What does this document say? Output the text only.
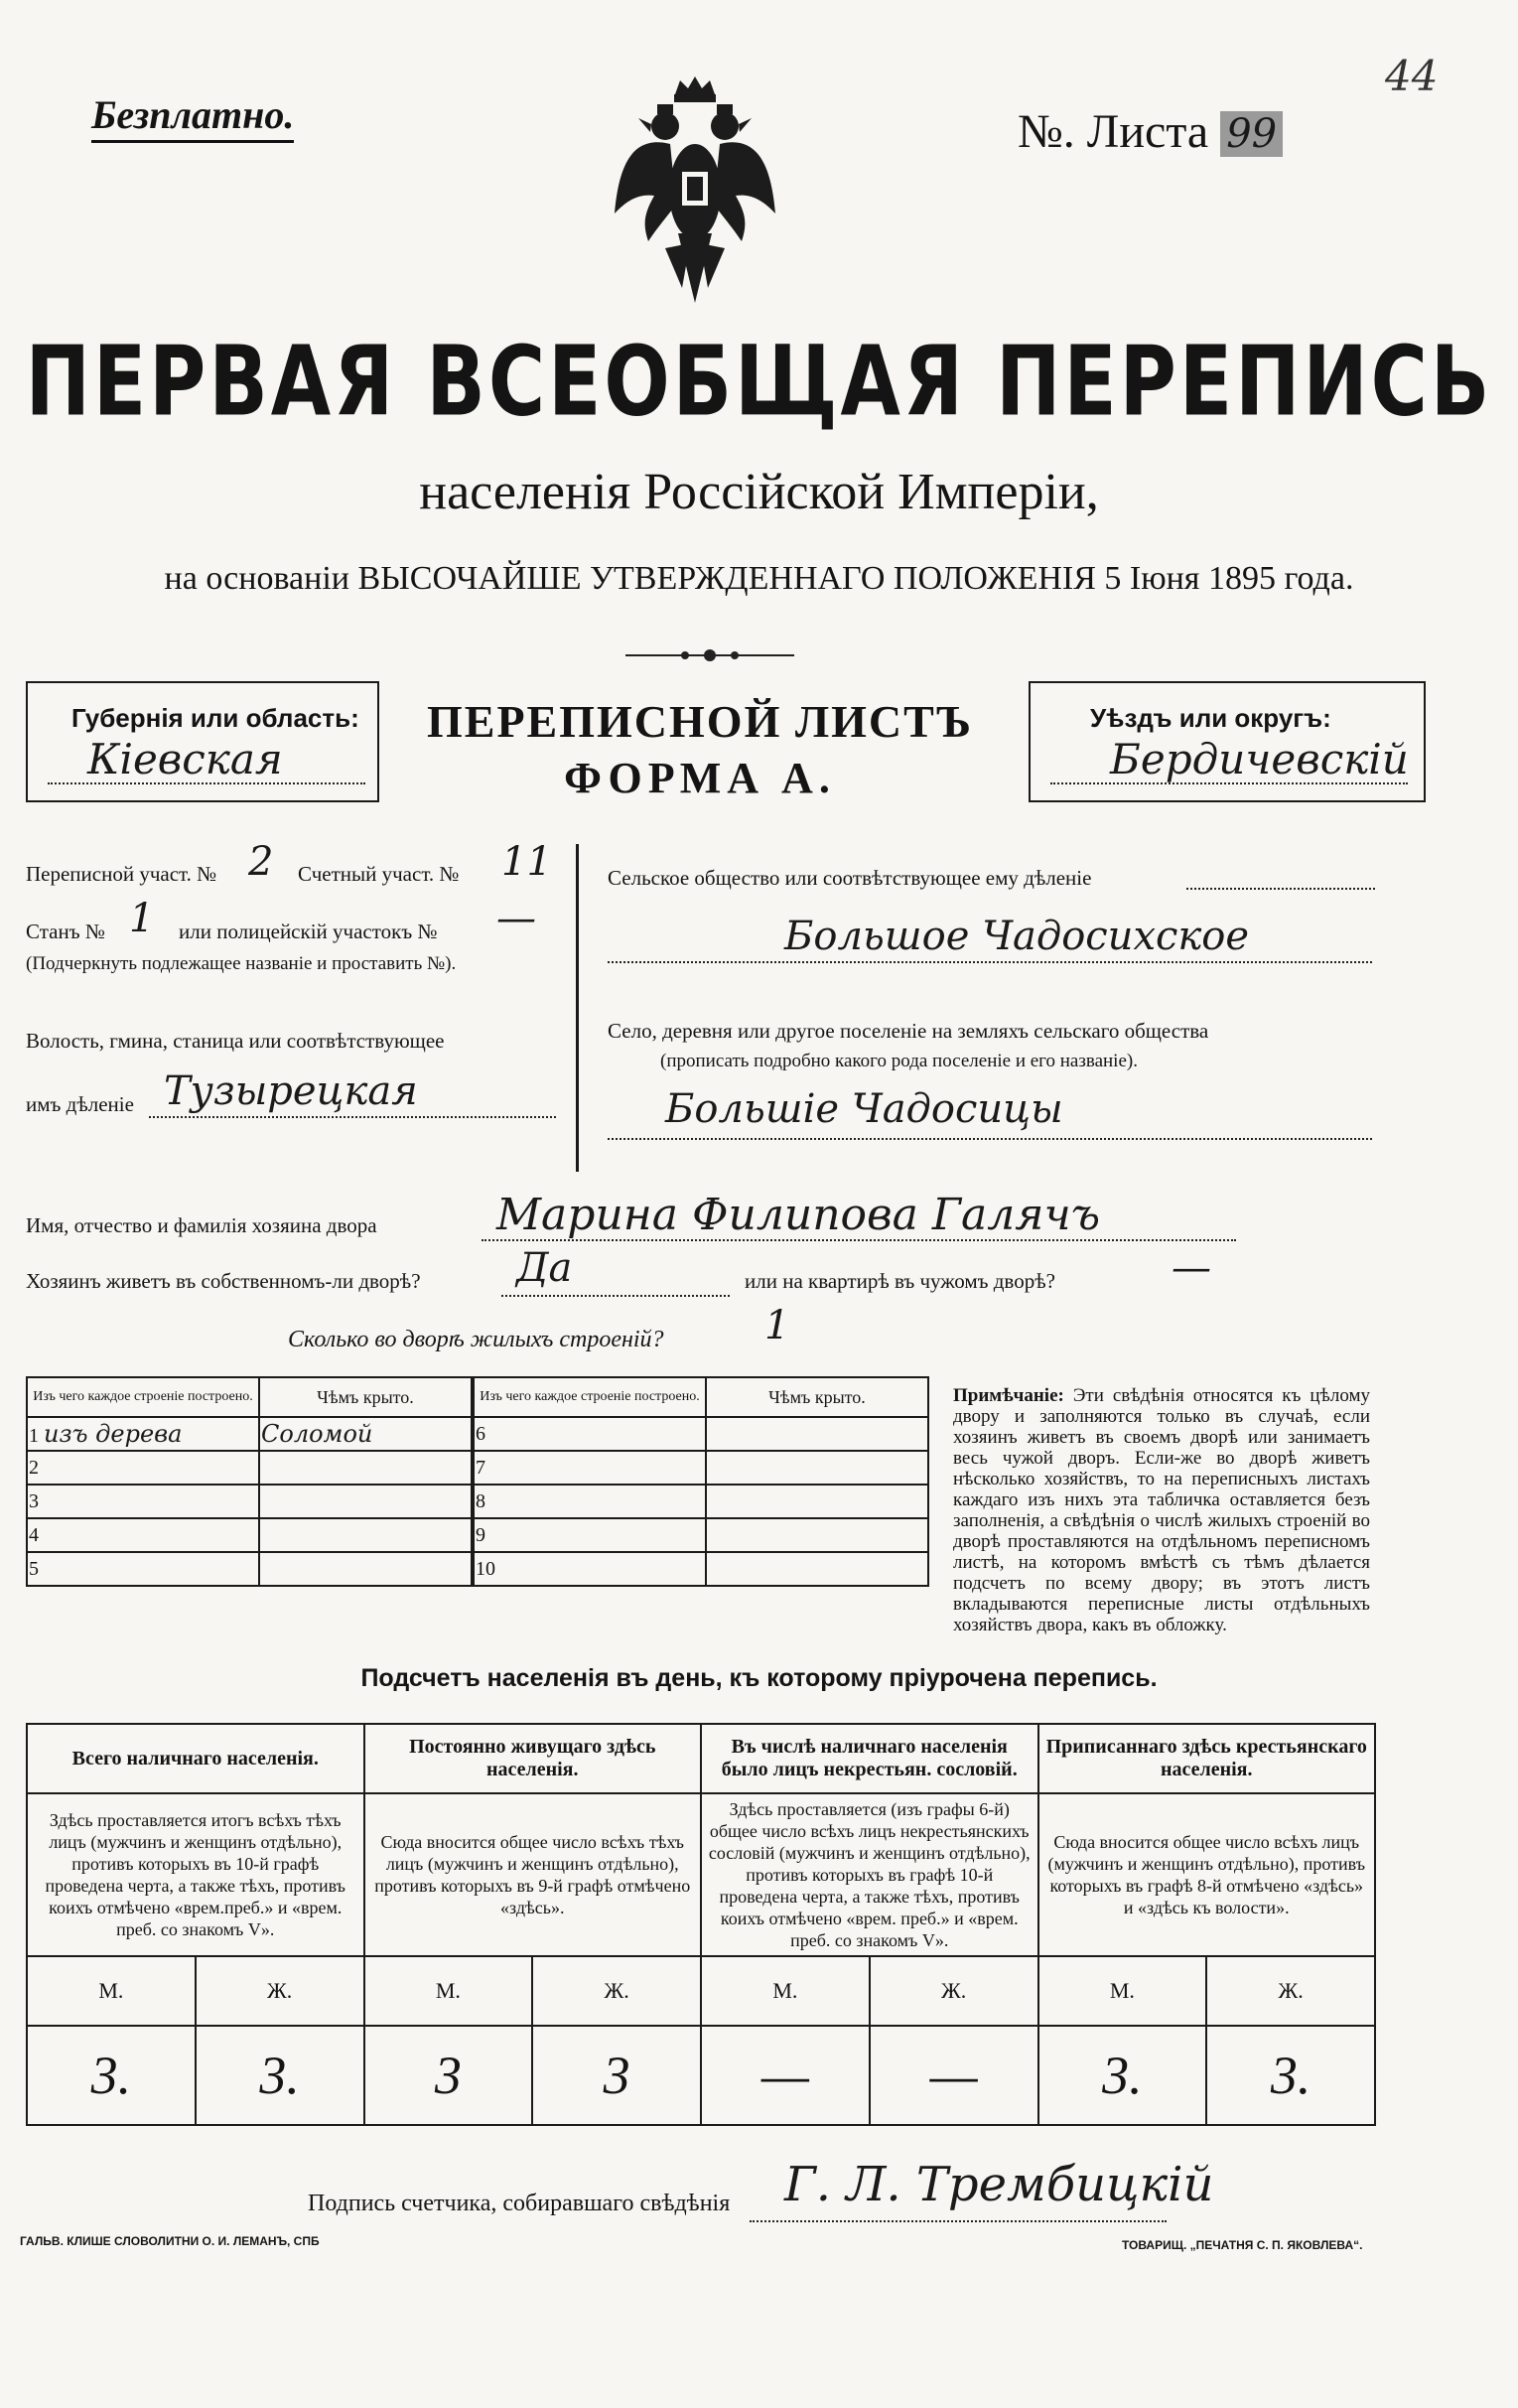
Безплатно.	№. Листа 99
44
ПЕРВАЯ ВСЕОБЩАЯ ПЕРЕПИСЬ
населенія Россійской Имперіи,
на основаніи ВЫСОЧАЙШЕ УТВЕРЖДЕННАГО ПОЛОЖЕНІЯ 5 Іюня 1895 года.
Губернія или область:
Кіевская
ПЕРЕПИСНОЙ ЛИСТЪ
ФОРМА А.
Уѣздъ или округъ:
Бердичевскій
Переписной участ. № 2 Счетный участ. № 11
Станъ № 1 или полицейскій участокъ № —
(Подчеркнуть подлежащее названіе и проставить №).
Волость, гмина, станица или соотвѣтствующее
имъ дѣленіе Тузырецкая
Сельское общество или соотвѣтствующее ему дѣленіе
Большое Чадосихское
Село, деревня или другое поселеніе на земляхъ сельскаго общества
(прописать подробно какого рода поселеніе и его названіе).
Большіе Чадосицы
Имя, отчество и фамилія хозяина двора	Марина Филипова Галячъ
Хозяинъ живетъ въ собственномъ-ли дворѣ? Да	или на квартирѣ въ чужомъ дворѣ?	—
Сколько во дворѣ жилыхъ строеній?	1
Изъ чего каждое строеніе построено.	Чѣмъ крыто.
1 изъ дерева	Соломой
2	
3	
4	
5	
Изъ чего каждое строеніе построено.	Чѣмъ крыто.
6	
7	
8	
9	
10	
Примѣчаніе: Эти свѣдѣнія относятся къ цѣлому двору и заполняются только въ случаѣ, если хозяинъ живетъ въ своемъ дворѣ или занимаетъ весь чужой дворъ. Если-же во дворѣ живетъ нѣсколько хозяйствъ, то на переписныхъ листахъ каждаго изъ нихъ эта табличка оставляется безъ заполненія, а свѣдѣнія о числѣ жилыхъ строеній во дворѣ проставляются на отдѣльномъ переписномъ листѣ, на которомъ вмѣстѣ съ тѣмъ дѣлается подсчетъ по всему двору; въ этотъ листъ вкладываются переписные листы отдѣльныхъ хозяйствъ двора, какъ въ обложку.
Подсчетъ населенія въ день, къ которому пріурочена перепись.
Всего наличнаго населенія.		Постоянно живущаго здѣсь населенія.		Въ числѣ наличнаго населенія было лицъ некрестьян. сословій.		Приписаннаго здѣсь крестьянскаго населенія.	
Здѣсь проставляется итогъ всѣхъ тѣхъ лицъ (мужчинъ и женщинъ отдѣльно), противъ которыхъ въ 10-й графѣ проведена черта, а также тѣхъ, противъ коихъ отмѣчено «врем.преб.» и «врем. преб. со знакомъ V».		Сюда вносится общее число всѣхъ тѣхъ лицъ (мужчинъ и женщинъ отдѣльно), противъ которыхъ въ 9-й графѣ отмѣчено «здѣсь».		Здѣсь проставляется (изъ графы 6-й) общее число всѣхъ лицъ некрестьянскихъ сословій (мужчинъ и женщинъ отдѣльно), противъ которыхъ въ графѣ 10-й проведена черта, а также тѣхъ, противъ коихъ отмѣчено «врем. преб.» и «врем. преб. со знакомъ V».		Сюда вносится общее число всѣхъ лицъ (мужчинъ и женщинъ отдѣльно), противъ которыхъ въ графѣ 8-й отмѣчено «здѣсь» и «здѣсь къ волости».	
М.	Ж.	М.	Ж.	М.	Ж.	М.	Ж.
3.	3.	3	3	—	—	3.	3.
Подпись счетчика, собиравшаго свѣдѣнія Г. Л. Трембицкій
ГАЛЬВ. КЛИШЕ СЛОВОЛИТНИ О. И. ЛЕМАНЪ, СПБ	ТОВАРИЩ. „ПЕЧАТНЯ С. П. ЯКОВЛЕВА“.
